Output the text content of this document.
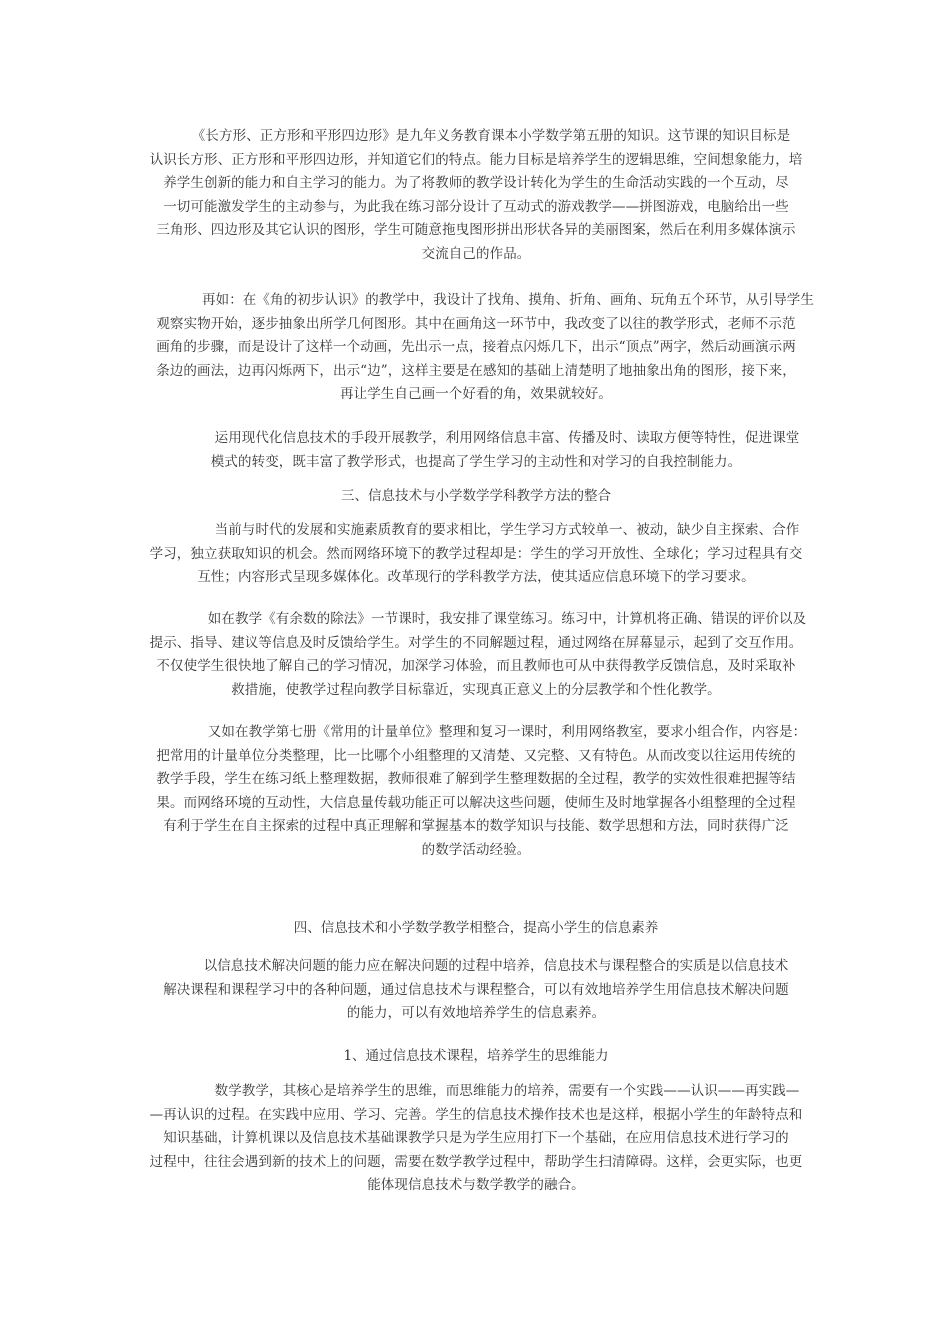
《长方形、正方形和平形四边形》是九年义务教育课本小学数学第五册的知识。这节课的知识目标是
认识长方形、正方形和平形四边形，并知道它们的特点。能力目标是培养学生的逻辑思维，空间想象能力，培
养学生创新的能力和自主学习的能力。为了将教师的教学设计转化为学生的生命活动实践的一个互动，尽
一切可能激发学生的主动参与，为此我在练习部分设计了互动式的游戏教学——拼图游戏，电脑给出一些
三角形、四边形及其它认识的图形，学生可随意拖曳图形拼出形状各异的美丽图案，然后在利用多媒体演示
交流自己的作品。
再如：在《角的初步认识》的教学中，我设计了找角、摸角、折角、画角、玩角五个环节，从引导学生
观察实物开始，逐步抽象出所学几何图形。其中在画角这一环节中，我改变了以往的教学形式，老师不示范
画角的步骤，而是设计了这样一个动画，先出示一点，接着点闪烁几下，出示“顶点”两字，然后动画演示两
条边的画法，边再闪烁两下，出示“边”，这样主要是在感知的基础上清楚明了地抽象出角的图形，接下来，
再让学生自己画一个好看的角，效果就较好。
运用现代化信息技术的手段开展教学，利用网络信息丰富、传播及时、读取方便等特性，促进课堂
模式的转变，既丰富了教学形式，也提高了学生学习的主动性和对学习的自我控制能力。
三、信息技术与小学数学学科教学方法的整合
当前与时代的发展和实施素质教育的要求相比，学生学习方式较单一、被动，缺少自主探索、合作
学习，独立获取知识的机会。然而网络环境下的教学过程却是：学生的学习开放性、全球化；学习过程具有交
互性；内容形式呈现多媒体化。改革现行的学科教学方法，使其适应信息环境下的学习要求。
如在教学《有余数的除法》一节课时，我安排了课堂练习。练习中，计算机将正确、错误的评价以及
提示、指导、建议等信息及时反馈给学生。对学生的不同解题过程，通过网络在屏幕显示，起到了交互作用。
不仅使学生很快地了解自己的学习情况，加深学习体验，而且教师也可从中获得教学反馈信息，及时采取补
救措施，使教学过程向教学目标靠近，实现真正意义上的分层教学和个性化教学。
又如在教学第七册《常用的计量单位》整理和复习一课时，利用网络教室，要求小组合作，内容是：
把常用的计量单位分类整理，比一比哪个小组整理的又清楚、又完整、又有特色。从而改变以往运用传统的
教学手段，学生在练习纸上整理数据，教师很难了解到学生整理数据的全过程，教学的实效性很难把握等结
果。而网络环境的互动性，大信息量传载功能正可以解决这些问题，使师生及时地掌握各小组整理的全过程
有利于学生在自主探索的过程中真正理解和掌握基本的数学知识与技能、数学思想和方法，同时获得广泛
的数学活动经验。
四、信息技术和小学数学教学相整合，提高小学生的信息素养
以信息技术解决问题的能力应在解决问题的过程中培养，信息技术与课程整合的实质是以信息技术
解决课程和课程学习中的各种问题，通过信息技术与课程整合，可以有效地培养学生用信息技术解决问题
的能力，可以有效地培养学生的信息素养。
1、通过信息技术课程，培养学生的思维能力
数学教学，其核心是培养学生的思维，而思维能力的培养，需要有一个实践——认识——再实践—
—再认识的过程。在实践中应用、学习、完善。学生的信息技术操作技术也是这样，根据小学生的年龄特点和
知识基础，计算机课以及信息技术基础课教学只是为学生应用打下一个基础，在应用信息技术进行学习的
过程中，往往会遇到新的技术上的问题，需要在数学教学过程中，帮助学生扫清障碍。这样，会更实际，也更
能体现信息技术与数学教学的融合。
